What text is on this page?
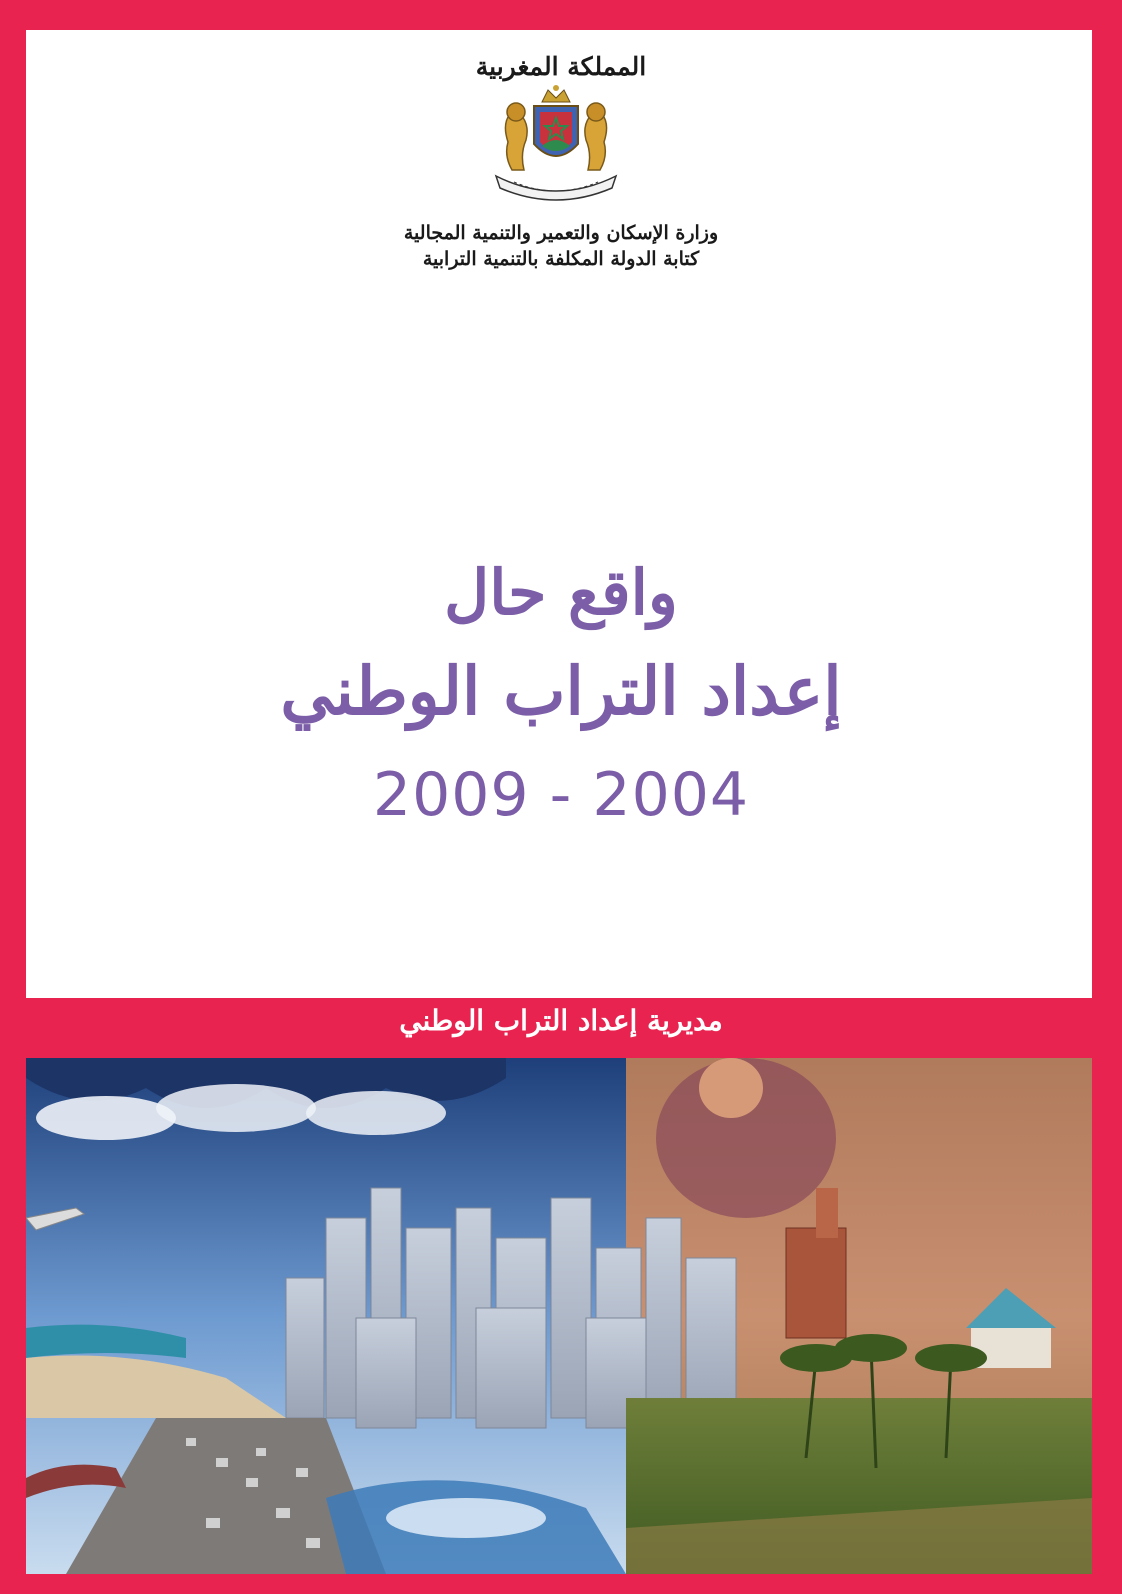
المملكة المغربية
وزارة الإسكان والتعمير والتنمية المجالية
كتابة الدولة المكلفة بالتنمية الترابية
واقع حال
إعداد التراب الوطني
2009 - 2004
مديرية إعداد التراب الوطني
